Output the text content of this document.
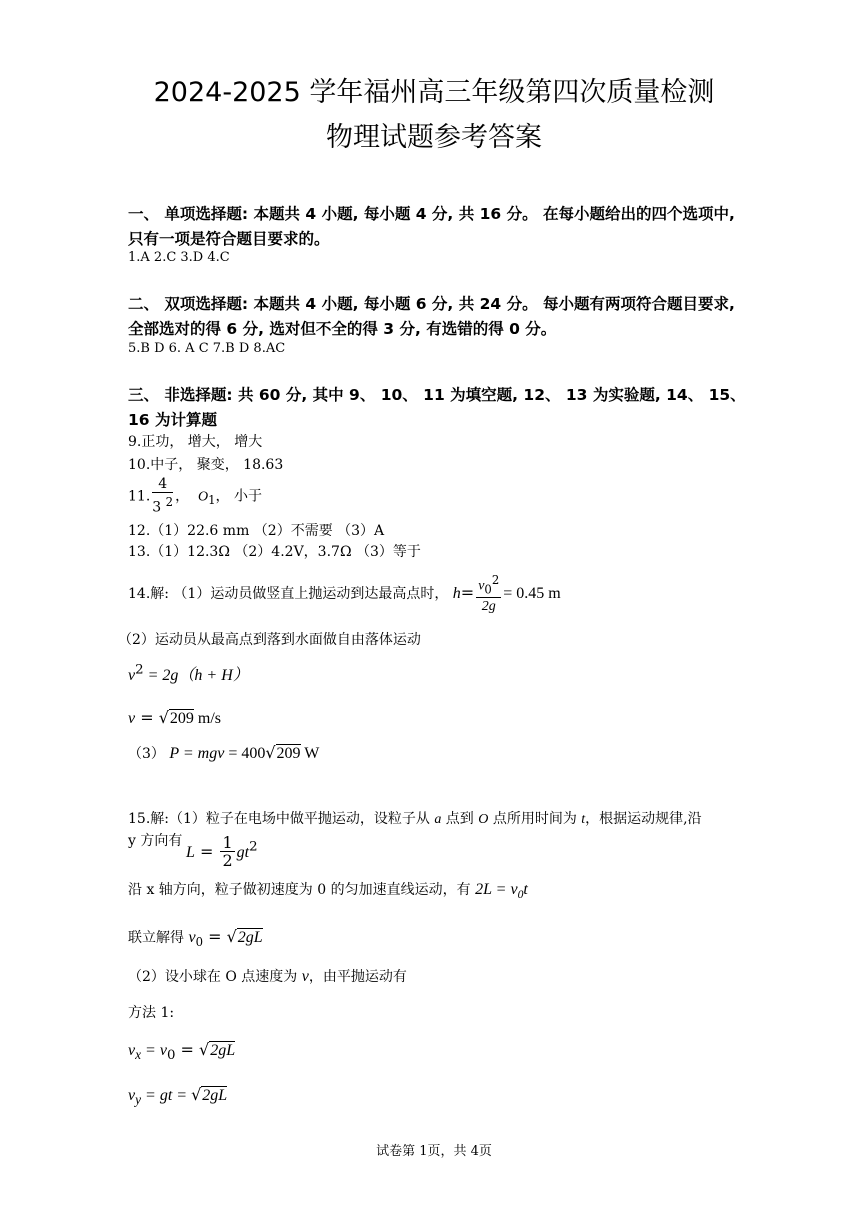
2024-2025 学年福州高三年级第四次质量检测
物理试题参考答案
一、 单项选择题: 本题共 4 小题, 每小题 4 分, 共 16 分。 在每小题给出的四个选项中, 只有一项是符合题目要求的。
1.A 2.C 3.D 4.C
二、 双项选择题: 本题共 4 小题, 每小题 6 分, 共 24 分。 每小题有两项符合题目要求, 全部选对的得 6 分, 选对但不全的得 3 分, 有选错的得 0 分。
5.B D 6. A C 7.B D 8.AC
三、 非选择题: 共 60 分, 其中 9、 10、 11 为填空题, 12、 13 为实验题, 14、 15、 16 为计算题
9.正功， 增大， 增大
10.中子， 聚变， 18.63
11. $\frac{4}{3 ^2}$ ， $O_1$， 小于
12.（1）22.6 mm （2）不需要 （3）A
13.（1）12.3Ω （2）4.2V，3.7Ω （3）等于
14.解: （1）运动员做竖直上抛运动到达最高点时， $h= \frac{v_0^2}{2g} = 0.45$ m
（2）运动员从最高点到落到水面做自由落体运动
$v^2 = 2g(h + H)$
v = √209 m/s
（3） P = mgv = 400√209 W
15.解:（1）粒子在电场中做平抛运动，设粒子从 a 点到 O 点所用时间为 t，根据运动规律,沿
y 方向有
$L = \frac{1}{2} gt^2$
沿 x 轴方向，粒子做初速度为 0 的匀加速直线运动，有 $2L = v_0t$
联立解得 $v_0 = √2gL$
（2）设小球在 O 点速度为 v，由平抛运动有
方法 1:
$v_x = v_0 = √2gL$
$v_y$ = gt = √2gL
试卷第 1页，共 4页
